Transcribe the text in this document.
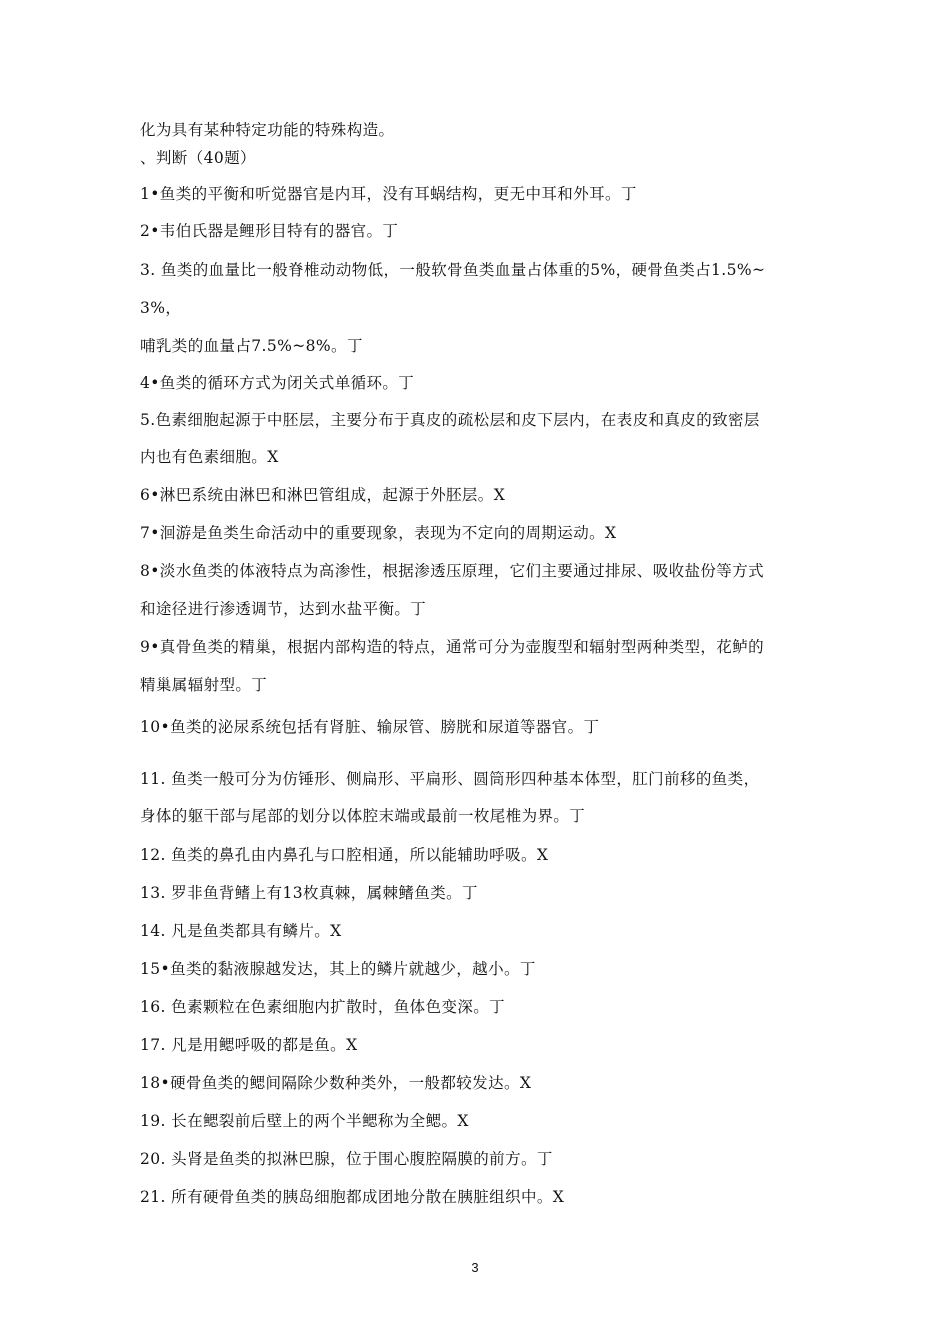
化为具有某种特定功能的特殊构造。
、判断（40题）
1•鱼类的平衡和听觉器官是内耳，没有耳蜗结构，更无中耳和外耳。丁
2•韦伯氏器是鲤形目特有的器官。丁
3. 鱼类的血量比一般脊椎动动物低，一般软骨鱼类血量占体重的5%，硬骨鱼类占1.5%~
3%，
哺乳类的血量占7.5%~8%。丁
4•鱼类的循环方式为闭关式单循环。丁
5.色素细胞起源于中胚层，主要分布于真皮的疏松层和皮下层内，在表皮和真皮的致密层
内也有色素细胞。X
6•淋巴系统由淋巴和淋巴管组成，起源于外胚层。X
7•洄游是鱼类生命活动中的重要现象，表现为不定向的周期运动。X
8•淡水鱼类的体液特点为高渗性，根据渗透压原理，它们主要通过排尿、吸收盐份等方式
和途径进行渗透调节，达到水盐平衡。丁
9•真骨鱼类的精巢，根据内部构造的特点，通常可分为壶腹型和辐射型两种类型，花鲈的
精巢属辐射型。丁
10•鱼类的泌尿系统包括有肾脏、输尿管、膀胱和尿道等器官。丁
11. 鱼类一般可分为仿锤形、侧扁形、平扁形、圆筒形四种基本体型，肛门前移的鱼类，
身体的躯干部与尾部的划分以体腔末端或最前一枚尾椎为界。丁
12. 鱼类的鼻孔由内鼻孔与口腔相通，所以能辅助呼吸。X
13. 罗非鱼背鳍上有13枚真棘，属棘鳍鱼类。丁
14. 凡是鱼类都具有鳞片。X
15•鱼类的黏液腺越发达，其上的鳞片就越少，越小。丁
16. 色素颗粒在色素细胞内扩散时，鱼体色变深。丁
17. 凡是用鳃呼吸的都是鱼。X
18•硬骨鱼类的鳃间隔除少数种类外，一般都较发达。X
19. 长在鳃裂前后壁上的两个半鳃称为全鳃。X
20. 头肾是鱼类的拟淋巴腺，位于围心腹腔隔膜的前方。丁
21. 所有硬骨鱼类的胰岛细胞都成团地分散在胰脏组织中。X
3
